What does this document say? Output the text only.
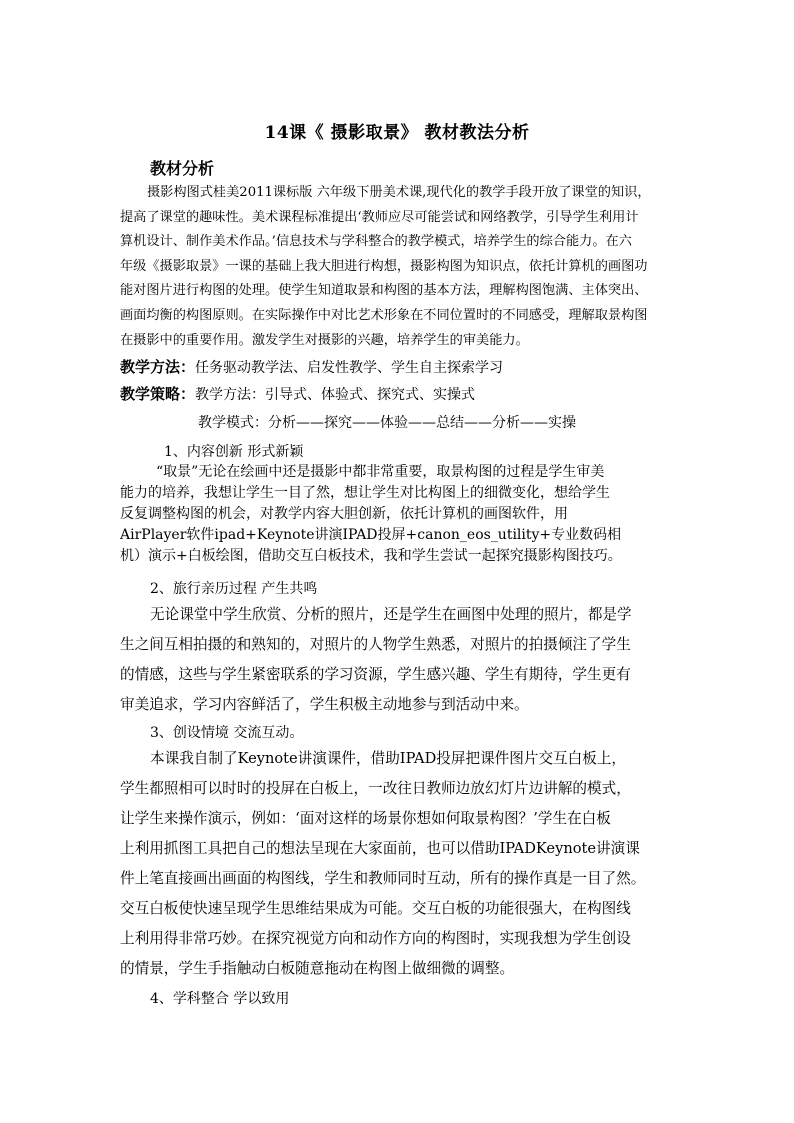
14课《 摄影取景》 教材教法分析
教材分析
摄影构图式桂美2011课标版 六年级下册美术课,现代化的教学手段开放了课堂的知识，
提高了课堂的趣味性。美术课程标准提出‘教师应尽可能尝试和网络教学，引导学生利用计
算机设计、制作美术作品。’信息技术与学科整合的教学模式，培养学生的综合能力。在六
年级《摄影取景》一课的基础上我大胆进行构想，摄影构图为知识点，依托计算机的画图功
能对图片进行构图的处理。使学生知道取景和构图的基本方法，理解构图饱满、主体突出、
画面均衡的构图原则。在实际操作中对比艺术形象在不同位置时的不同感受，理解取景构图
在摄影中的重要作用。激发学生对摄影的兴趣，培养学生的审美能力。
教学方法：任务驱动教学法、启发性教学、学生自主探索学习
教学策略：教学方法：引导式、体验式、探究式、实操式
教学模式：分析——探究——体验——总结——分析——实操
1、内容创新 形式新颖
“取景”无论在绘画中还是摄影中都非常重要，取景构图的过程是学生审美
能力的培养，我想让学生一目了然，想让学生对比构图上的细微变化，想给学生
反复调整构图的机会，对教学内容大胆创新，依托计算机的画图软件，用
AirPlayer软件ipad+Keynote讲演IPAD投屏+canon_eos_utility+专业数码相
机）演示+白板绘图，借助交互白板技术，我和学生尝试一起探究摄影构图技巧。
2、旅行亲历过程 产生共鸣
无论课堂中学生欣赏、分析的照片，还是学生在画图中处理的照片，都是学
生之间互相拍摄的和熟知的，对照片的人物学生熟悉，对照片的拍摄倾注了学生
的情感，这些与学生紧密联系的学习资源，学生感兴趣、学生有期待，学生更有
审美追求，学习内容鲜活了，学生积极主动地参与到活动中来。
3、创设情境 交流互动。
本课我自制了Keynote讲演课件，借助IPAD投屏把课件图片交互白板上，
学生都照相可以时时的投屏在白板上，一改往日教师边放幻灯片边讲解的模式，
让学生来操作演示，例如：‘面对这样的场景你想如何取景构图？’学生在白板
上利用抓图工具把自己的想法呈现在大家面前，也可以借助IPADKeynote讲演课
件上笔直接画出画面的构图线，学生和教师同时互动，所有的操作真是一目了然。
交互白板使快速呈现学生思维结果成为可能。交互白板的功能很强大，在构图线
上利用得非常巧妙。在探究视觉方向和动作方向的构图时，实现我想为学生创设
的情景，学生手指触动白板随意拖动在构图上做细微的调整。
4、学科整合 学以致用
